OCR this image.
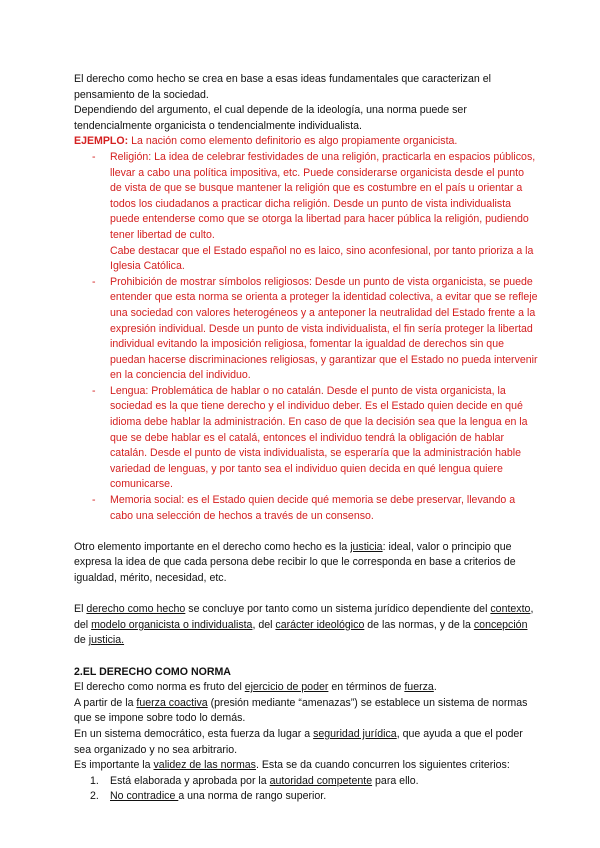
El derecho como hecho se crea en base a esas ideas fundamentales que caracterizan el pensamiento de la sociedad.

Dependiendo del argumento, el cual depende de la ideología, una norma puede ser tendencialmente organicista o tendencialmente individualista.

EJEMPLO: La nación como elemento definitorio es algo propiamente organicista.

- Religión: La idea de celebrar festividades de una religión, practicarla en espacios públicos, llevar a cabo una política impositiva, etc. Puede considerarse organicista desde el punto de vista de que se busque mantener la religión que es costumbre en el país u orientar a todos los ciudadanos a practicar dicha religión. Desde un punto de vista individualista puede entenderse como que se otorga la libertad para hacer pública la religión, pudiendo tener libertad de culto.
Cabe destacar que el Estado español no es laico, sino aconfesional, por tanto prioriza a la Iglesia Católica.
- Prohibición de mostrar símbolos religiosos: Desde un punto de vista organicista, se puede entender que esta norma se orienta a proteger la identidad colectiva, a evitar que se refleje una sociedad con valores heterogéneos y a anteponer la neutralidad del Estado frente a la expresión individual. Desde un punto de vista individualista, el fin sería proteger la libertad individual evitando la imposición religiosa, fomentar la igualdad de derechos sin que puedan hacerse discriminaciones religiosas, y garantizar que el Estado no pueda intervenir en la conciencia del individuo.
- Lengua: Problemática de hablar o no catalán. Desde el punto de vista organicista, la sociedad es la que tiene derecho y el individuo deber. Es el Estado quien decide en qué idioma debe hablar la administración. En caso de que la decisión sea que la lengua en la que se debe hablar es el catalá, entonces el individuo tendrá la obligación de hablar catalán. Desde el punto de vista individualista, se esperaría que la administración hable variedad de lenguas, y por tanto sea el individuo quien decida en qué lengua quiere comunicarse.
- Memoria social: es el Estado quien decide qué memoria se debe preservar, llevando a cabo una selección de hechos a través de un consenso.

Otro elemento importante en el derecho como hecho es la justicia: ideal, valor o principio que expresa la idea de que cada persona debe recibir lo que le corresponda en base a criterios de igualdad, mérito, necesidad, etc.

El derecho como hecho se concluye por tanto como un sistema jurídico dependiente del contexto, del modelo organicista o individualista, del carácter ideológico de las normas, y de la concepción de justicia.

2.EL DERECHO COMO NORMA

El derecho como norma es fruto del ejercicio de poder en términos de fuerza.

A partir de la fuerza coactiva (presión mediante “amenazas”) se establece un sistema de normas que se impone sobre todo lo demás.

En un sistema democrático, esta fuerza da lugar a seguridad jurídica, que ayuda a que el poder sea organizado y no sea arbitrario.

Es importante la validez de las normas. Esta se da cuando concurren los siguientes criterios:

1. Está elaborada y aprobada por la autoridad competente para ello.
2. No contradice a una norma de rango superior.
